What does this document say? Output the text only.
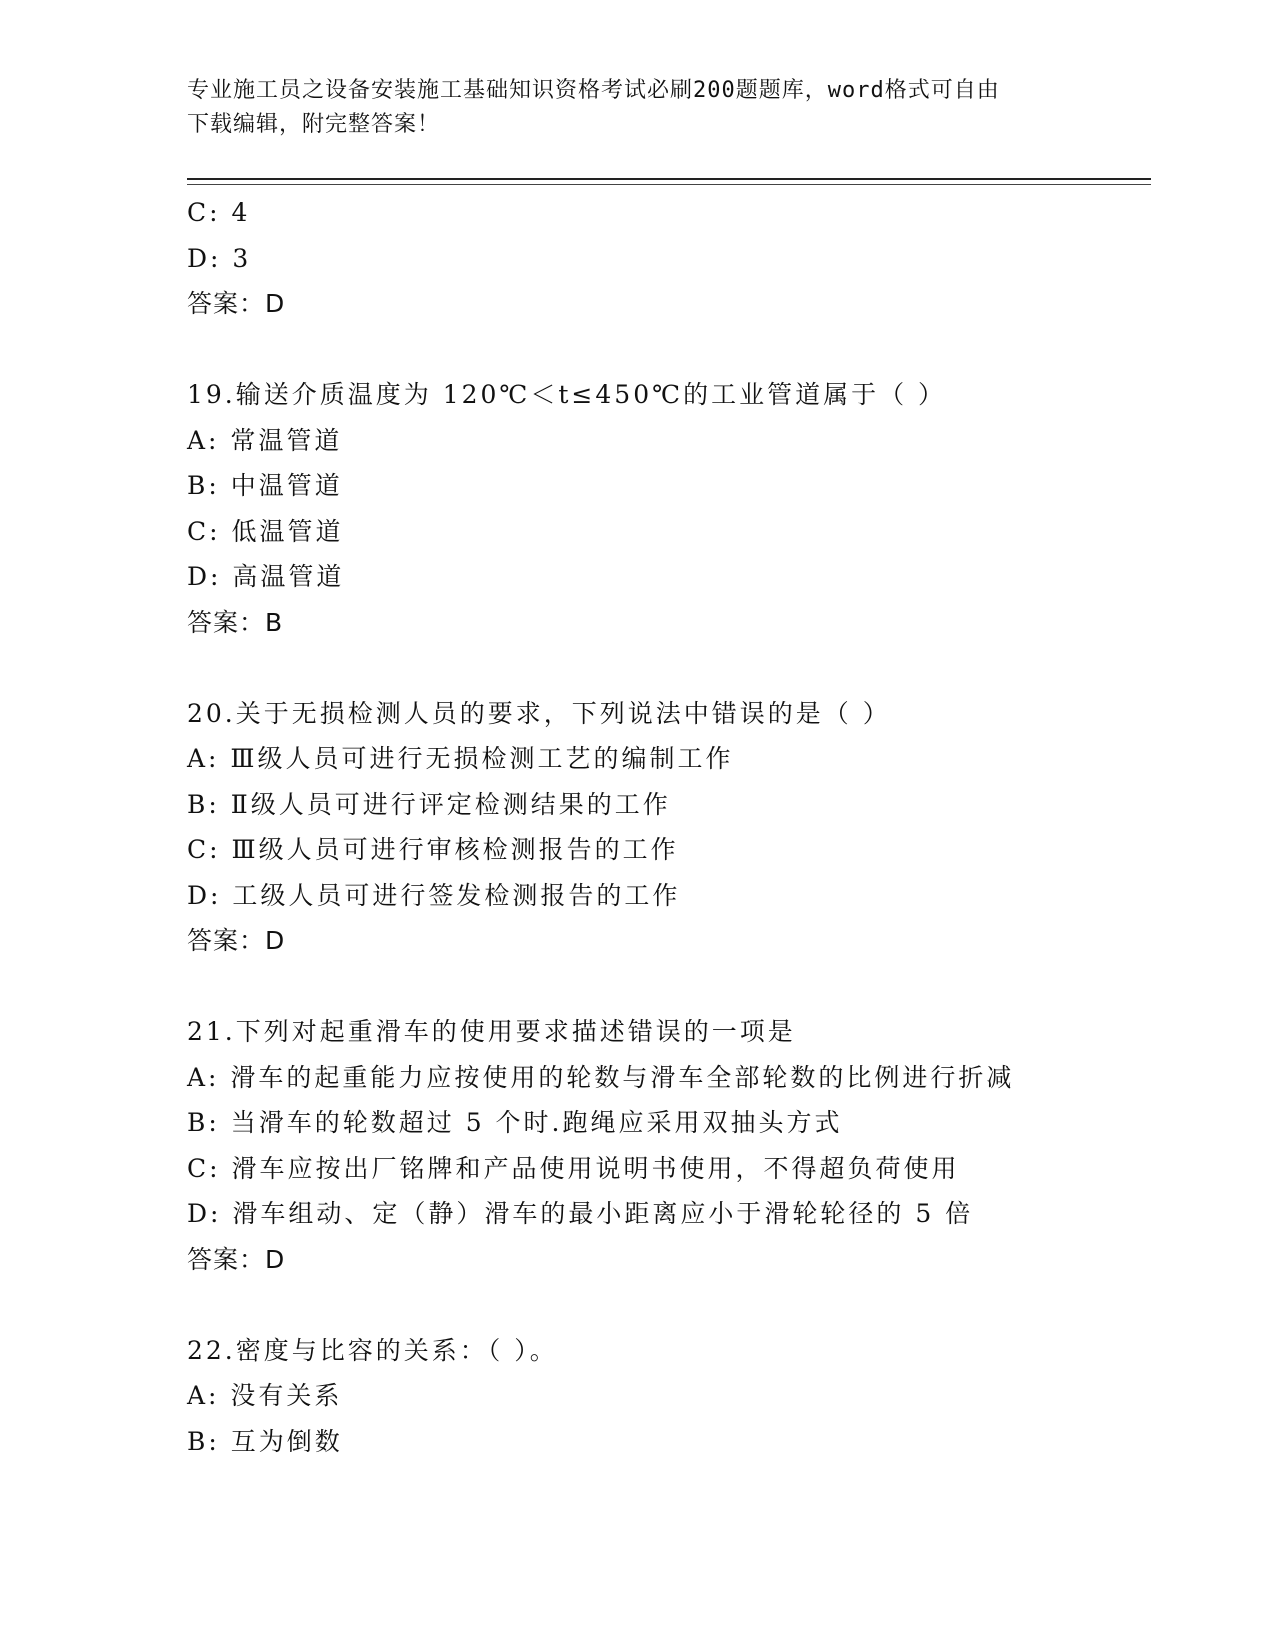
专业施工员之设备安装施工基础知识资格考试必刷200题题库，word格式可自由
下载编辑，附完整答案！
C: 4
D: 3
答案：D
19.输送介质温度为 120℃＜t≤450℃的工业管道属于（ ）
A: 常温管道
B: 中温管道
C: 低温管道
D: 高温管道
答案：B
20.关于无损检测人员的要求，下列说法中错误的是（ ）
A: Ⅲ级人员可进行无损检测工艺的编制工作
B: Ⅱ级人员可进行评定检测结果的工作
C: Ⅲ级人员可进行审核检测报告的工作
D: 工级人员可进行签发检测报告的工作
答案：D
21.下列对起重滑车的使用要求描述错误的一项是
A: 滑车的起重能力应按使用的轮数与滑车全部轮数的比例进行折减
B: 当滑车的轮数超过 5 个时.跑绳应采用双抽头方式
C: 滑车应按出厂铭牌和产品使用说明书使用，不得超负荷使用
D: 滑车组动、定（静）滑车的最小距离应小于滑轮轮径的 5 倍
答案：D
22.密度与比容的关系：（ ）。
A: 没有关系
B: 互为倒数
